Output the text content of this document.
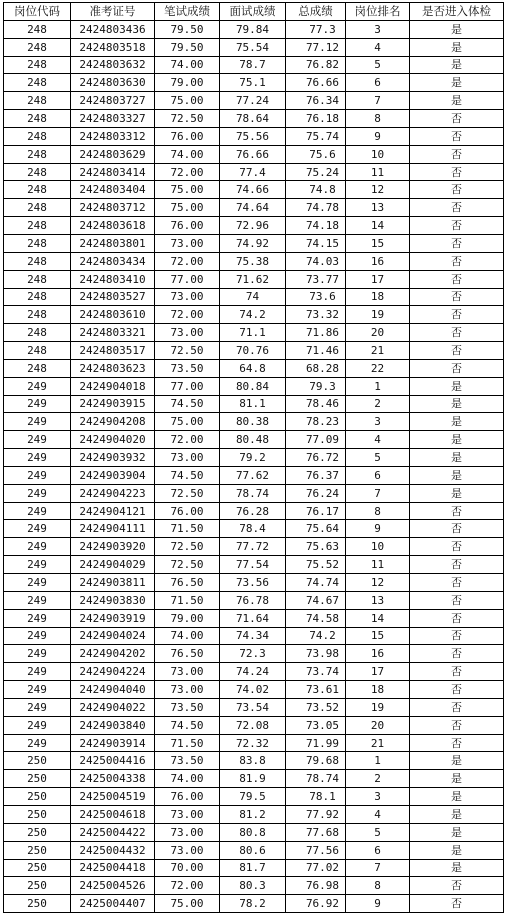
岗位代码	准考证号	笔试成绩	面试成绩	总成绩	岗位排名	是否进入体检
248	2424803436	79.50	79.84	77.3	3	是
248	2424803518	79.50	75.54	77.12	4	是
248	2424803632	74.00	78.7	76.82	5	是
248	2424803630	79.00	75.1	76.66	6	是
248	2424803727	75.00	77.24	76.34	7	是
248	2424803327	72.50	78.64	76.18	8	否
248	2424803312	76.00	75.56	75.74	9	否
248	2424803629	74.00	76.66	75.6	10	否
248	2424803414	72.00	77.4	75.24	11	否
248	2424803404	75.00	74.66	74.8	12	否
248	2424803712	75.00	74.64	74.78	13	否
248	2424803618	76.00	72.96	74.18	14	否
248	2424803801	73.00	74.92	74.15	15	否
248	2424803434	72.00	75.38	74.03	16	否
248	2424803410	77.00	71.62	73.77	17	否
248	2424803527	73.00	74	73.6	18	否
248	2424803610	72.00	74.2	73.32	19	否
248	2424803321	73.00	71.1	71.86	20	否
248	2424803517	72.50	70.76	71.46	21	否
248	2424803623	73.50	64.8	68.28	22	否
249	2424904018	77.00	80.84	79.3	1	是
249	2424903915	74.50	81.1	78.46	2	是
249	2424904208	75.00	80.38	78.23	3	是
249	2424904020	72.00	80.48	77.09	4	是
249	2424903932	73.00	79.2	76.72	5	是
249	2424903904	74.50	77.62	76.37	6	是
249	2424904223	72.50	78.74	76.24	7	是
249	2424904121	76.00	76.28	76.17	8	否
249	2424904111	71.50	78.4	75.64	9	否
249	2424903920	72.50	77.72	75.63	10	否
249	2424904029	72.50	77.54	75.52	11	否
249	2424903811	76.50	73.56	74.74	12	否
249	2424903830	71.50	76.78	74.67	13	否
249	2424903919	79.00	71.64	74.58	14	否
249	2424904024	74.00	74.34	74.2	15	否
249	2424904202	76.50	72.3	73.98	16	否
249	2424904224	73.00	74.24	73.74	17	否
249	2424904040	73.00	74.02	73.61	18	否
249	2424904022	73.50	73.54	73.52	19	否
249	2424903840	74.50	72.08	73.05	20	否
249	2424903914	71.50	72.32	71.99	21	否
250	2425004416	73.50	83.8	79.68	1	是
250	2425004338	74.00	81.9	78.74	2	是
250	2425004519	76.00	79.5	78.1	3	是
250	2425004618	73.00	81.2	77.92	4	是
250	2425004422	73.00	80.8	77.68	5	是
250	2425004432	73.00	80.6	77.56	6	是
250	2425004418	70.00	81.7	77.02	7	是
250	2425004526	72.00	80.3	76.98	8	否
250	2425004407	75.00	78.2	76.92	9	否
